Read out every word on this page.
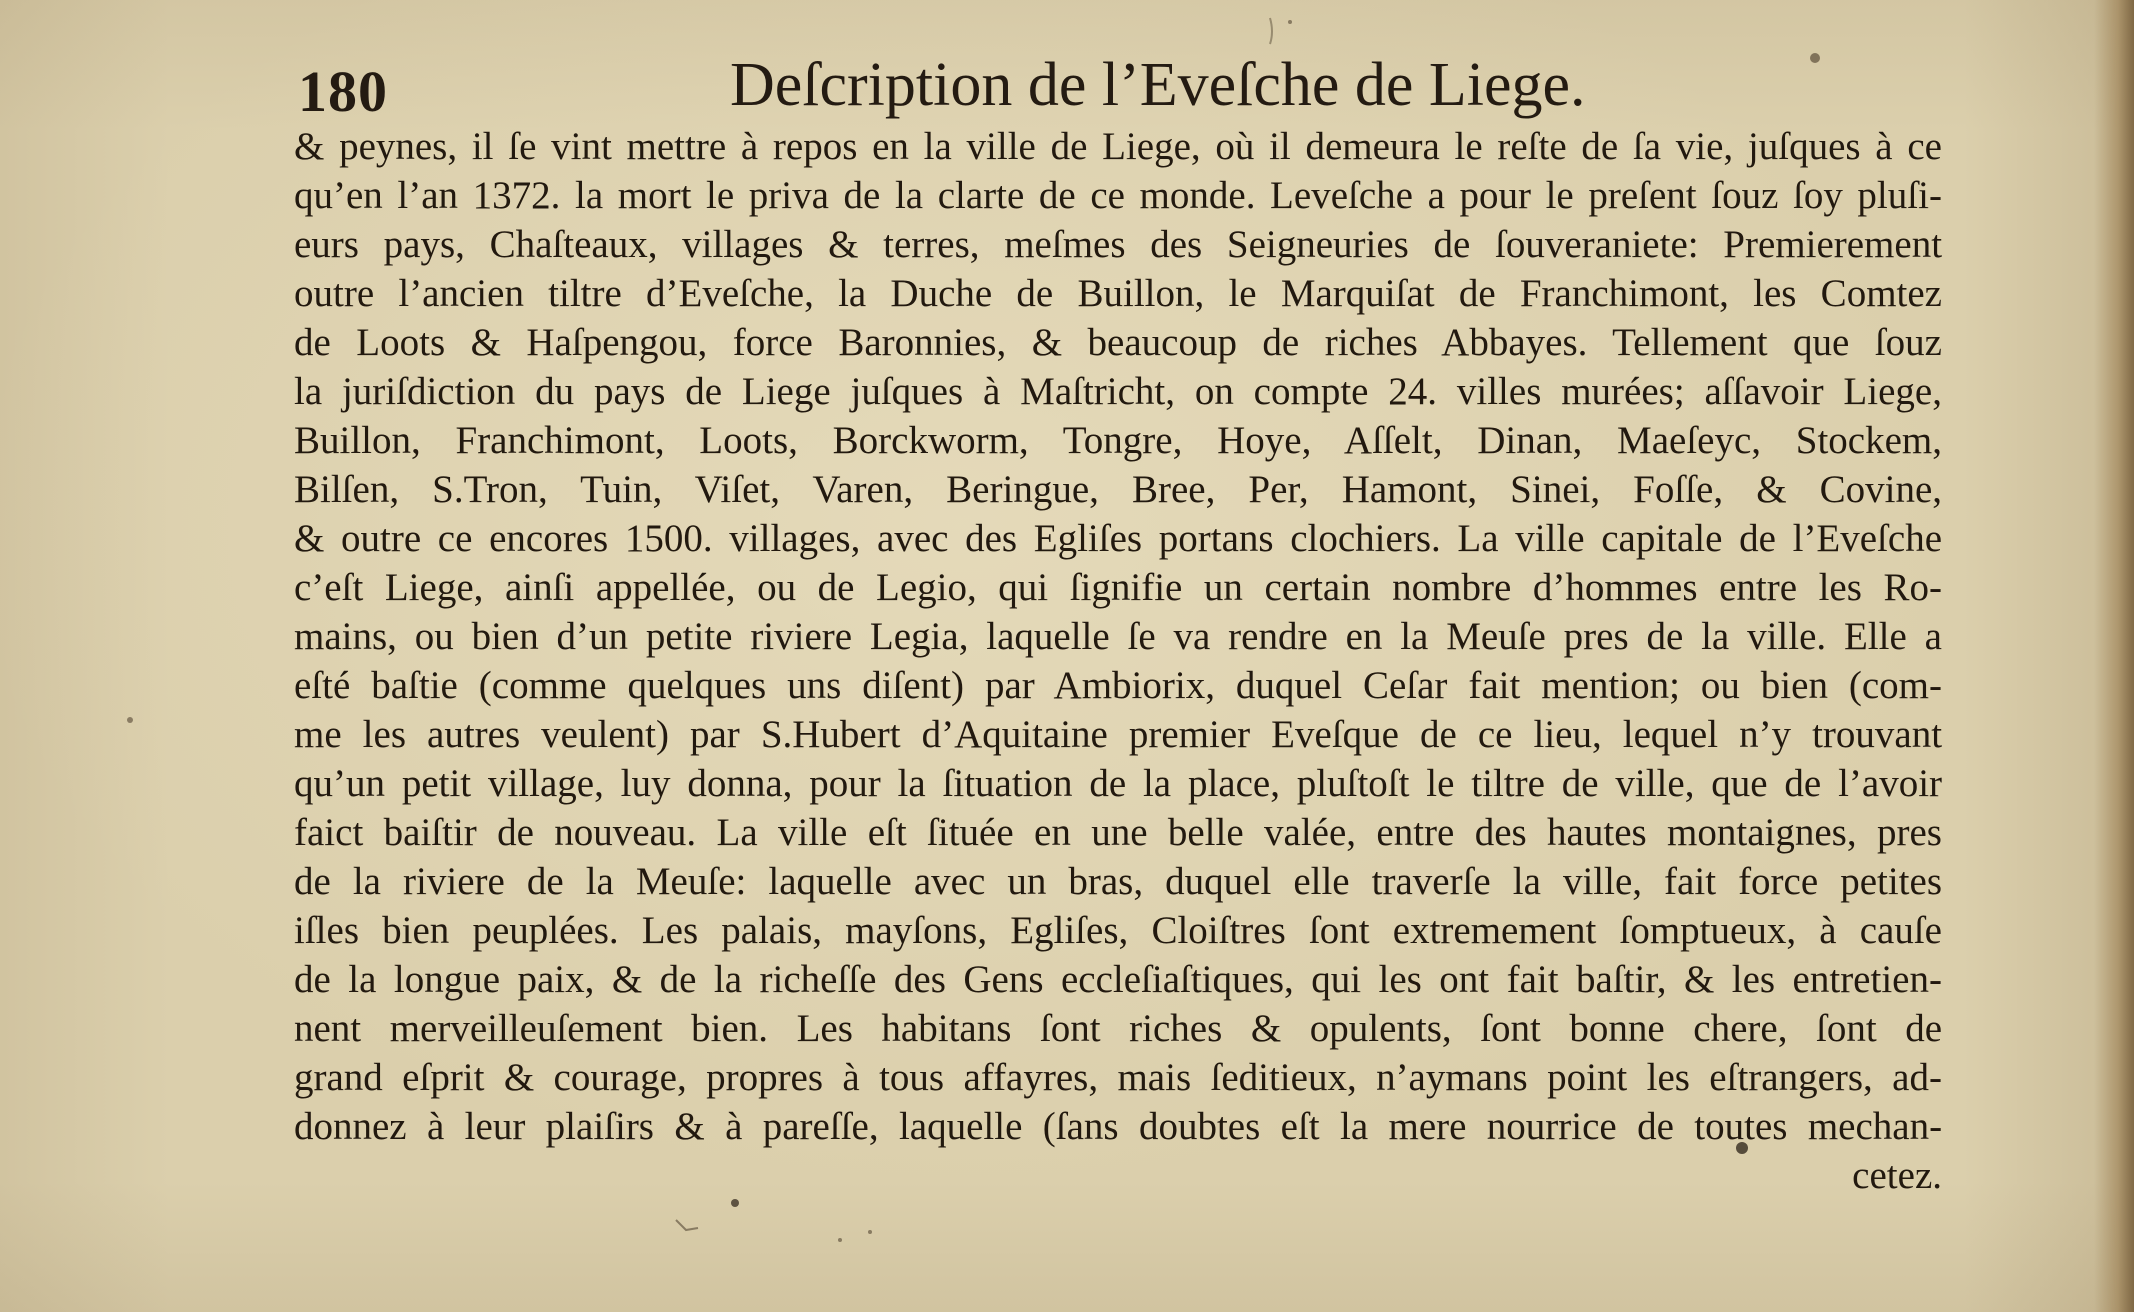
180	Deſcription de l’Eveſche de Liege.
& peynes, il ſe vint mettre à repos en la ville de Liege, où il demeura le reſte de ſa vie, juſques à ce
qu’en l’an 1372. la mort le priva de la clarte de ce monde. Leveſche a pour le preſent ſouz ſoy pluſi-
eurs pays, Chaſteaux, villages & terres, meſmes des Seigneuries de ſouveraniete: Premierement
outre l’ancien tiltre d’Eveſche, la Duche de Buillon, le Marquiſat de Franchimont, les Comtez
de Loots & Haſpengou, force Baronnies, & beaucoup de riches Abbayes. Tellement que ſouz
la juriſdiction du pays de Liege juſques à Maſtricht, on compte 24. villes murées; aſſavoir Liege,
Buillon, Franchimont, Loots, Borckworm, Tongre, Hoye, Aſſelt, Dinan, Maeſeyc, Stockem,
Bilſen, S.Tron, Tuin, Viſet, Varen, Beringue, Bree, Per, Hamont, Sinei, Foſſe, & Covine,
& outre ce encores 1500. villages, avec des Egliſes portans clochiers. La ville capitale de l’Eveſche
c’eſt Liege, ainſi appellée, ou de Legio, qui ſignifie un certain nombre d’hommes entre les Ro-
mains, ou bien d’un petite riviere Legia, laquelle ſe va rendre en la Meuſe pres de la ville. Elle a
eſté baſtie (comme quelques uns diſent) par Ambiorix, duquel Ceſar fait mention; ou bien (com-
me les autres veulent) par S.Hubert d’Aquitaine premier Eveſque de ce lieu, lequel n’y trouvant
qu’un petit village, luy donna, pour la ſituation de la place, pluſtoſt le tiltre de ville, que de l’avoir
faict baiſtir de nouveau. La ville eſt ſituée en une belle valée, entre des hautes montaignes, pres
de la riviere de la Meuſe: laquelle avec un bras, duquel elle traverſe la ville, fait force petites
iſles bien peuplées. Les palais, mayſons, Egliſes, Cloiſtres ſont extremement ſomptueux, à cauſe
de la longue paix, & de la richeſſe des Gens eccleſiaſtiques, qui les ont fait baſtir, & les entretien-
nent merveilleuſement bien. Les habitans ſont riches & opulents, ſont bonne chere, ſont de
grand eſprit & courage, propres à tous affayres, mais ſeditieux, n’aymans point les eſtrangers, ad-
donnez à leur plaiſirs & à pareſſe, laquelle (ſans doubtes eſt la mere nourrice de toutes mechan-
cetez.
